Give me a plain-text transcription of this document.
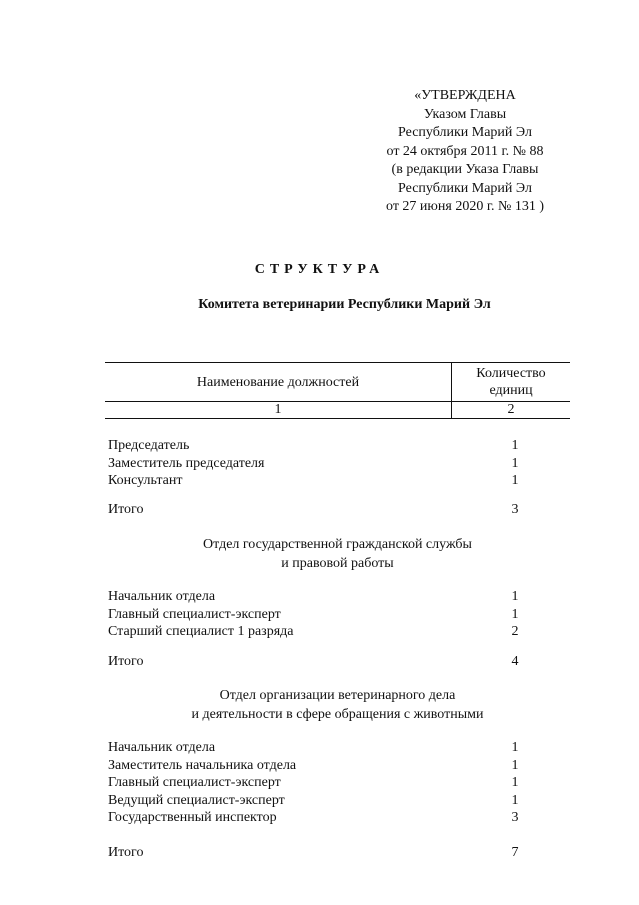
«УТВЕРЖДЕНА
Указом Главы
Республики Марий Эл
от 24 октября 2011 г. № 88
(в редакции Указа Главы
Республики Марий Эл
от 27 июня 2020 г. № 131 )
СТРУКТУРА
Комитета ветеринарии Республики Марий Эл
Наименование должностей	Количество
единиц

1	2
Председатель	1
Заместитель председателя	1
Консультант	1
Итого	3
Отдел государственной гражданской службы
и правовой работы
Начальник отдела	1
Главный специалист-эксперт	1
Старший специалист 1 разряда	2
Итого	4
Отдел организации ветеринарного дела
и деятельности в сфере обращения с животными
Начальник отдела	1
Заместитель начальника отдела	1
Главный специалист-эксперт	1
Ведущий специалист-эксперт	1
Государственный инспектор	3
Итого	7
